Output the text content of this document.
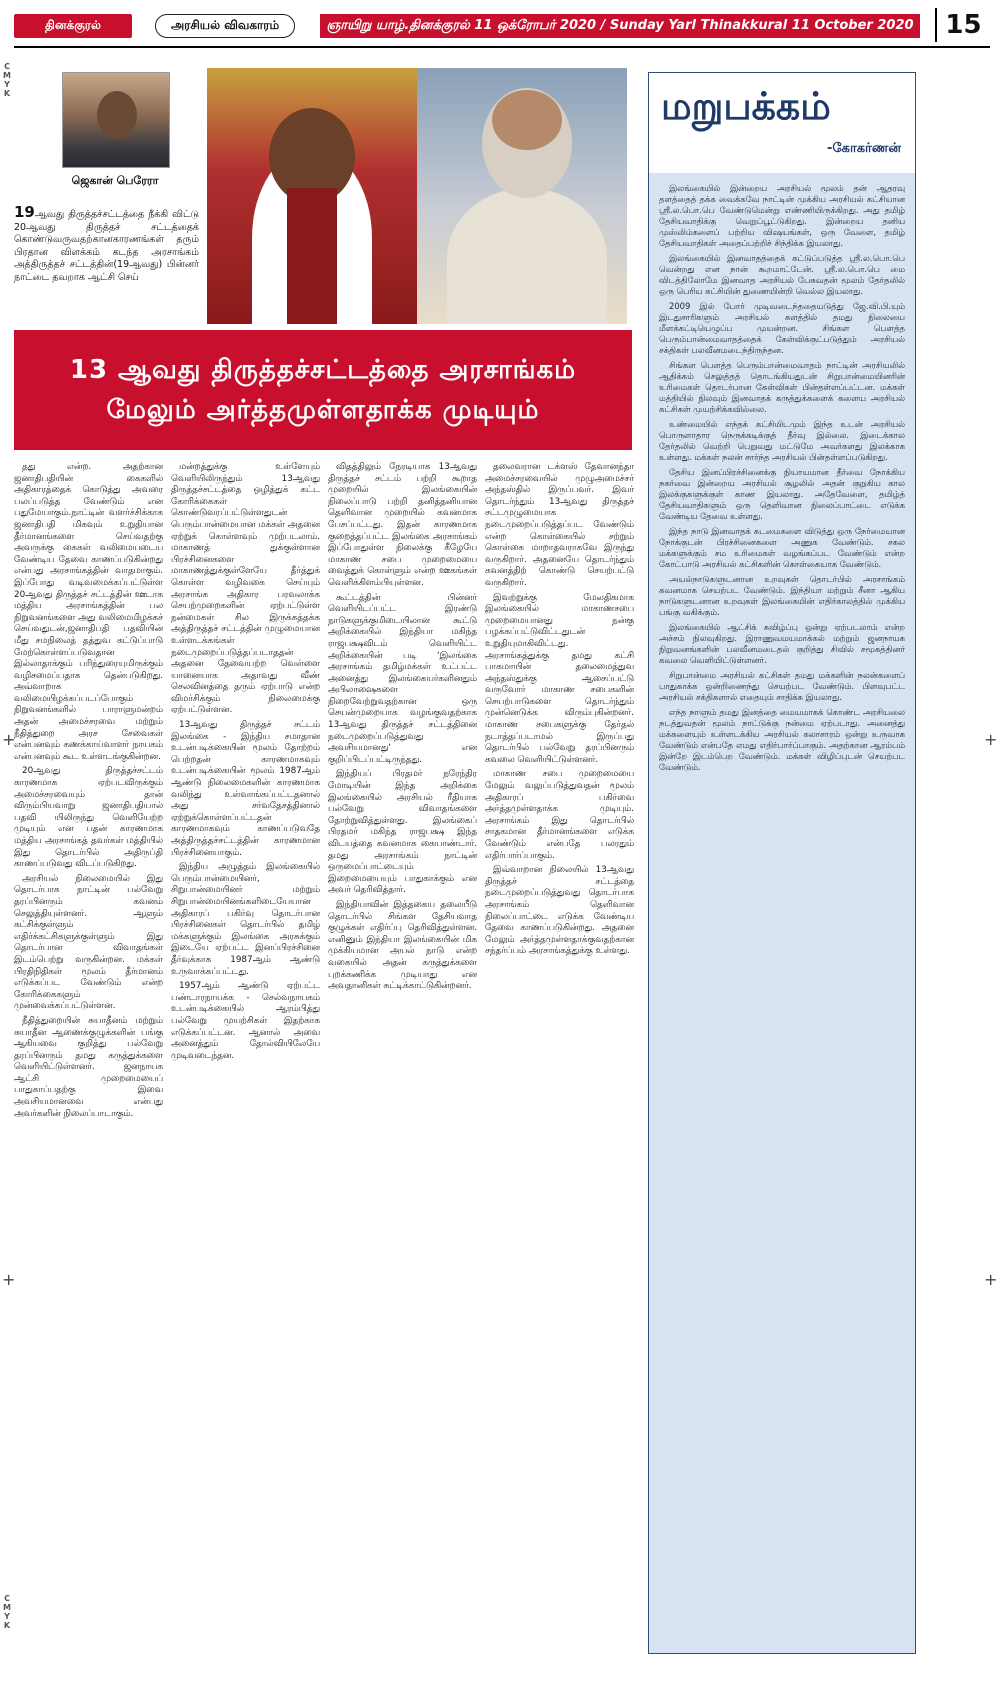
தினக்குரல்	அரசியல் விவகாரம்	ஞாயிறு யாழ்.தினக்குரல் 11 ஒக்ரோபர் 2020 / Sunday Yarl Thinakkural 11 October 2020	15
C
M
Y
K
C
M
Y
K
+	+
+	+
ஜெகான் பெரேரா
19ஆவது திருத்தச்சட்டத்தை நீக்கி விட்டு 20ஆவது திருத்தச் சட்டத்தைக் கொண்டுவருவதற்கானகாரணங்கள் தரும் பிரதான விளக்கம் கடந்த அரசாங்கம் அத்திருத்தச் சட்டத்தின்(19ஆவது) பின்னர் நாட்டை தவறாக ஆட்சி செய்
13 ஆவது திருத்தச்சட்டத்தை அரசாங்கம்
மேலும் அர்த்தமுள்ளதாக்க முடியும்

தது என்ற. அதற்கான ஜனாதிபதியின் கைகளில் அதிகாரத்தைக் கொடுத்து அவரை பலப்படுத்த வேண்டும் என பதுமேயாகும்.நாட்டின் வளர்ச்சிக்காக ஜனாதிபதி மிகவும் உறுதியான தீர்மானங்களை செய்வதற்கு அவருக்கு கைகள் வலிமையடைய வேண்டிய தேவை காணப்படுகின்றது என்பது அரசாங்கத்தின் வாதமாகும். இப்போது வடிவமைக்கப்பட்டுள்ள 20ஆவது திருத்தச் சட்டத்தின் ஊடாக மத்திய அரசாங்கத்தின் பல நிறுவனங்களை அது வலிமைமிழக்கச் செய்வதுடன்,ஜனாதிபதி பதவியின் மீது சமநிலைத் தத்துவ கட்டுப்பாடு மேற்கொள்ளப்படுவதான இல்லாதாக்கும் பரிந்துரையுமிருக்கும் வழிசமைப்பதாக தென்படுகிறது. அவ்வாறாக வலிமையிழக்கப்படப்போகும் நிறுவனங்களில் பாராளுமன்றம் அதன் அமைச்சரவை மற்றும் நீதித்துறை அரச சேவைகள் என்பனவும் கணக்காய்வாளர் நாயகம் என்பனவும் கூட உள்ளடங்குகின்றன.

20ஆவது திருத்தச்சட்டம் காரணமாக ஏற்படவிருக்கும் அமைச்சரவையும் தான் விரும்பியவாறு ஜனாதிபதியால் பதவி யிலிருந்து வெளியேற்ற முடியும் என பதன் காரணமாக மத்திய அரசாங்கத் தவர்கள் மத்தியில் இது தொடர்பில் அதிருப்தி காணப்படுவது விடப்படுகிறது.

அரசியல் நிலைமையில் இது தொடர்பாக நாட்டின் பல்வேறு தரப்பினரும் கவனம் செலுத்தியுள்ளனர். ஆளும் கட்சிக்குள்ளும் எதிர்க்கட்சிகளுக்குள்ளும் இது தொடர்பான விவாதங்கள் இடம்பெற்று வருகின்றன. மக்கள் பிரதிநிதிகள் மூலம் தீர்மானம் எடுக்கப்பட வேண்டும் என்ற கோரிக்கைகளும் முன்வைக்கப்பட்டுள்ளன.

நீதித்துறையின் சுயாதீனம் மற்றும் சுயாதீன ஆணைக்குழுக்களின் பங்கு ஆகியவை குறித்து பல்வேறு தரப்பினரும் தமது கருத்துக்களை வெளியிட்டுள்ளனர். ஜனநாயக ஆட்சி முறைமையைப் பாதுகாப்பதற்கு இவை அவசியமானவை என்பது அவர்களின் நிலைப்பாடாகும்.

மன்றத்துக்கு உள்ளேயும் வெளியிலிருந்தும் 13ஆவது திருத்தச்சட்டத்தை ஒழித்துக் கட்ட கோரிக்கைகள் கொண்டுவரப்பட்டுள்ளதுடன் பெரும்பான்மையான மக்கள் அதனை ஏற்றுக் கொள்ளவும் முற்படலாம். மாகாணத் துக்குள்ளான பிரச்சினைகளை மாகாணத்துக்குள்ளேயே தீர்த்துக் கொள்ள வழிவகை செய்யும் அரசாங்க அதிகார பரவலாக்க செயற்முறைகளின் ஏற்பட்டுள்ள நன்மைகள் சில இருக்கத்தக்க அத்திருத்தச் சட்டத்தின் முழுமையான உள்ளடக்கங்கள் நடைமுறைப்படுத்தப்படாததன் அதனை தேவையற்ற வெள்ளை யானையாக அதாவது வீண் செலவினத்தை தரும் ஏற்பாடு என்ற விமர்சிக்கும் நிலைமைக்கு ஏற்பட்டுள்ளன.

13ஆவது திருத்தச் சட்டம் இலங்கை - இந்திய சமாதான உடன்படிக்கையின் மூலம் தோற்றம் பெற்றதன் காரணமாகவும் உடன்படிக்கையின் மூலம் 1987ஆம் ஆண்டு நிலைமைகளின் காரணமாக வலிந்து உள்வாங்கப்பட்டதனால் அது சர்வதேசத்தினால் ஏற்றுக்கொள்ளப்பட்டதன் காரணமாகவும் காணப்படுவதே அத்திருத்தச்சட்டத்தின் காரணமான பிரச்சினையாகும்.

இந்திய அழுத்தம் இலங்கையில் பெரும்பான்மையினர், சிறுபான்மையினர் மற்றும் சிறுபான்மையினங்களிடையேயான அதிகாரப் பகிர்வு தொடர்பான பிரச்சினைகள் தொடர்பில் தமிழ் மக்களுக்கும் இலங்கை அரசுக்கும் இடையே ஏற்பட்ட இனப்பிரச்சினை தீர்வுக்காக 1987ஆம் ஆண்டு உருவாக்கப்பட்டது.

1957ஆம் ஆண்டு ஏற்பட்ட பண்டாரநாயக்க - செல்வநாயகம் உடன்படிக்கையில் ஆரம்பித்து பல்வேறு முயற்சிகள் இதற்காக எடுக்கப்பட்டன. ஆனால் அவை அனைத்தும் தோல்வியிலேயே முடிவடைந்தன.

விதத்திலும் நேரடியாக 13ஆவது திருத்தச் சட்டம் பற்றி கூறாத முறையில் இலங்கையின் நிலைப்பாடு பற்றி தனித்தனியான தெளிவான முறையில் கவனமாக பேசப்பட்டது. இதன் காரணமாக குறைத்தப்பட்ட இலங்கை அரசாங்கம் இப்போதுள்ள நிலைக்கு கீழேயே மாகாண சபை முறைமையை வைத்துக் கொள்ளும் என்ற ஊகங்கள் வெளிக்கிளம்பியுள்ளன.

கூட்டத்தின் பின்னர் வெளியிடப்பட்ட இரண்டு நாடுகளுக்குமிடையிலான கூட்டு அறிக்கையில் இந்தியா மகிந்த ராஜபக்ஷவிடம் வெளியிட்ட அறிக்கையின் படி 'இலங்கை அரசாங்கம் தமிழ்மக்கள் உட்பட்ட அனைத்து இலங்கையர்களினதும் அபிலாஷைகளை நிறைவேற்றுவதற்கான ஒரு செயன்முறையாக வழங்குவதற்காக 13ஆவது திருத்தச் சட்டத்தினை நடைமுறைப்படுத்துவது அவசியமானது' என குறிப்பிடப்பட்டிருந்தது.

இந்தியப் பிரதமர் நரேந்திர மோடியின் இந்த அறிக்கை இலங்கையில் அரசியல் ரீதியாக பல்வேறு விவாதங்களை தோற்றுவித்துள்ளது. இலங்கைப் பிரதமர் மகிந்த ராஜபக்ஷ இந்த விடயத்தை கவனமாக கையாண்டார். தமது அரசாங்கம் நாட்டின் ஒருமைப்பாட்டையும் இறைமையையும் பாதுகாக்கும் என அவர் தெரிவித்தார்.

இந்தியாவின் இத்தகைய தலையீடு தொடர்பில் சிங்கள தேசியவாத குழுக்கள் எதிர்ப்பு தெரிவித்துள்ளன. எனினும் இந்தியா இலங்கையின் மிக முக்கியமான அயல் நாடு என்ற வகையில் அதன் கருத்துக்களை புறக்கணிக்க முடியாது என அவதானிகள் சுட்டிக்காட்டுகின்றனர்.

தலைவரான டக்ளஸ் தேவானந்தா அமைச்சரவையில் முழுஅமைச்சர் அந்தஸ்தில் இருப்பவர். இவர் தொடர்ந்தும் 13ஆவது திருத்தச் சட்டமுழுமையாக நடைமுறைப்படுத்தப்பட வேண்டும் என்ற கொள்கையில் சற்றும் கொள்கை மாறாதவராகவே இருந்து வருகிறார். அதனையே தொடர்ந்தும் கவனத்திற் கொண்டு செயற்பட்டு வருகிறார்.

இவற்றுக்கு மேலதிகமாக இலங்கையில் மாகாணசபை முறைமையானது நன்கு பழக்கப்பட்டுவிட்டதுடன் உறுதியுமாகிவிட்டது. அரசாங்கத்துக்கு தமது கட்சி பாகமாயின் தலைமைத்துவ அந்தஸ்துக்கு ஆசைப்பட்டு வருவோர் மாகாண சபைகளின் செயற்பாடுகளை தொடர்ந்தும் முன்னெடுக்க விரும்புகின்றனர். மாகாண சபைகளுக்கு தேர்தல் நடாத்தப்படாமல் இருப்பது தொடர்பில் பல்வேறு தரப்பினரும் கவலை வெளியிட்டுள்ளனர்.

மாகாண சபை முறைமையை மேலும் வலுப்படுத்துவதன் மூலம் அதிகாரப் பகிர்வை அர்த்தமுள்ளதாக்க முடியும். அரசாங்கம் இது தொடர்பில் சாதகமான தீர்மானங்களை எடுக்க வேண்டும் என்பதே பலரதும் எதிர்பார்ப்பாகும்.

இவ்வாறான நிலையில் 13ஆவது திருத்தச் சட்டத்தை நடைமுறைப்படுத்துவது தொடர்பாக அரசாங்கம் தெளிவான நிலைப்பாட்டை எடுக்க வேண்டிய தேவை காணப்படுகின்றது. அதனை மேலும் அர்த்தமுள்ளதாக்குவதற்கான சந்தர்ப்பம் அரசாங்கத்துக்கு உள்ளது.

மறுபக்கம்
-கோகர்ணன்

இலங்கையில் இன்றைய அரசியல் மூலம் தன் ஆதரவு தளத்தைத் தக்க வைக்கவே நாட்டின் முக்கிய அரசியல் கட்சியான ஸ்ரீ.ல.பொ.பெ வேண்டுமென்று எண்ணியிருக்கிறது. அது தமிழ் தேசியவாதிக்கு வெறுப்பூட்டுகிறது. இன்றைய தனிய முஸ்லிம்களைப் பற்றிய விஷயங்கள், ஒரு வேளை, தமிழ் தேசியவாதிகள் அதைப்பற்றிச் சிந்திக்க இயலாது.

இலங்கையில் இனவாதத்தைக் கட்டுப்படுத்த ஸ்ரீ.ல.பொ.பெ வென்றது என நான் கூறமாட்டேன். ஸ்ரீ.ல.பொ.பெ மை விடத்திலோமே இனவாத அரசியல் பேசுவதன் மூலம் தேர்தலில் ஒரு பெரிய கட்சியின் துணையின்றி வெல்ல இயலாது.

2009 இல் போர் முடிவடைந்ததையடுத்து ஜே.வி.பி.யும் இடதுசாரிகளும் அரசியல் களத்தில் தமது நிலையை மீளக்கட்டியெழுப்ப முயன்றன. சிங்கள பௌத்த பெரும்பான்மைவாதத்தைக் கேள்விக்குட்படுத்தும் அரசியல் சக்திகள் பலவீனமடைந்திருந்தன.

சிங்கள பௌத்த பெரும்பான்மைவாதம் நாட்டின் அரசியலில் ஆதிக்கம் செலுத்தத் தொடங்கியதுடன் சிறுபான்மையினரின் உரிமைகள் தொடர்பான கேள்விகள் பின்தள்ளப்பட்டன. மக்கள் மத்தியில் நிலவும் இனவாதக் கருத்துக்களைக் களைய அரசியல் கட்சிகள் முயற்சிக்கவில்லை.

உண்மையில் எந்தக் கட்சியிடமும் இந்த உடன் அரசியல் பொருளாதார நெருக்கடிக்குத் தீர்வு இல்லை. இடைக்கால தேர்தலில் வெற்றி பெறுவது மட்டுமே அவர்களது இலக்காக உள்ளது. மக்கள் நலன் சார்ந்த அரசியல் பின்தள்ளப்படுகிறது.

தேசிய இனப்பிரச்சினைக்கு நியாயமான தீர்வை நோக்கிய நகர்வை இன்றைய அரசியல் சூழலில் அதன் குறுகிய கால இலக்குகளுக்குள் காண இயலாது. அதேவேளை, தமிழ்த் தேசியவாதிகளும் ஒரு தெளிவான நிலைப்பாட்டை எடுக்க வேண்டிய தேவை உள்ளது.

இந்த நாடு இனவாதக் கடமைகளை விடுத்து ஒரு நேர்மையான நோக்குடன் பிரச்சினைகளை அணுக வேண்டும். சகல மக்களுக்கும் சம உரிமைகள் வழங்கப்பட வேண்டும் என்ற கோட்பாடு அரசியல் கட்சிகளின் கொள்கையாக வேண்டும்.

அயல்நாடுகளுடனான உறவுகள் தொடர்பில் அரசாங்கம் கவனமாக செயற்பட வேண்டும். இந்தியா மற்றும் சீனா ஆகிய நாடுகளுடனான உறவுகள் இலங்கையின் எதிர்காலத்தில் முக்கிய பங்கு வகிக்கும்.

இலங்கையில் ஆட்சிக் கவிழ்ப்பு ஒன்று ஏற்படலாம் என்ற அச்சம் நிலவுகிறது. இராணுவமயமாக்கல் மற்றும் ஜனநாயக நிறுவனங்களின் பலவீனமடைதல் குறித்து சிவில் சமூகத்தினர் கவலை வெளியிட்டுள்ளனர்.

சிறுபான்மை அரசியல் கட்சிகள் தமது மக்களின் நலன்களைப் பாதுகாக்க ஒன்றிணைந்து செயற்பட வேண்டும். பிளவுபட்ட அரசியல் சக்திகளால் எதையும் சாதிக்க இயலாது.

எந்த நாளும் தமது இனத்தை மையமாகக் கொண்ட அரசியலை நடத்துவதன் மூலம் நாட்டுக்கு நன்மை ஏற்படாது. அனைத்து மக்களையும் உள்ளடக்கிய அரசியல் கலாசாரம் ஒன்று உருவாக வேண்டும் என்பதே எமது எதிர்பார்ப்பாகும். அதற்கான ஆரம்பம் இன்றே இடம்பெற வேண்டும். மக்கள் விழிப்புடன் செயற்பட வேண்டும்.
